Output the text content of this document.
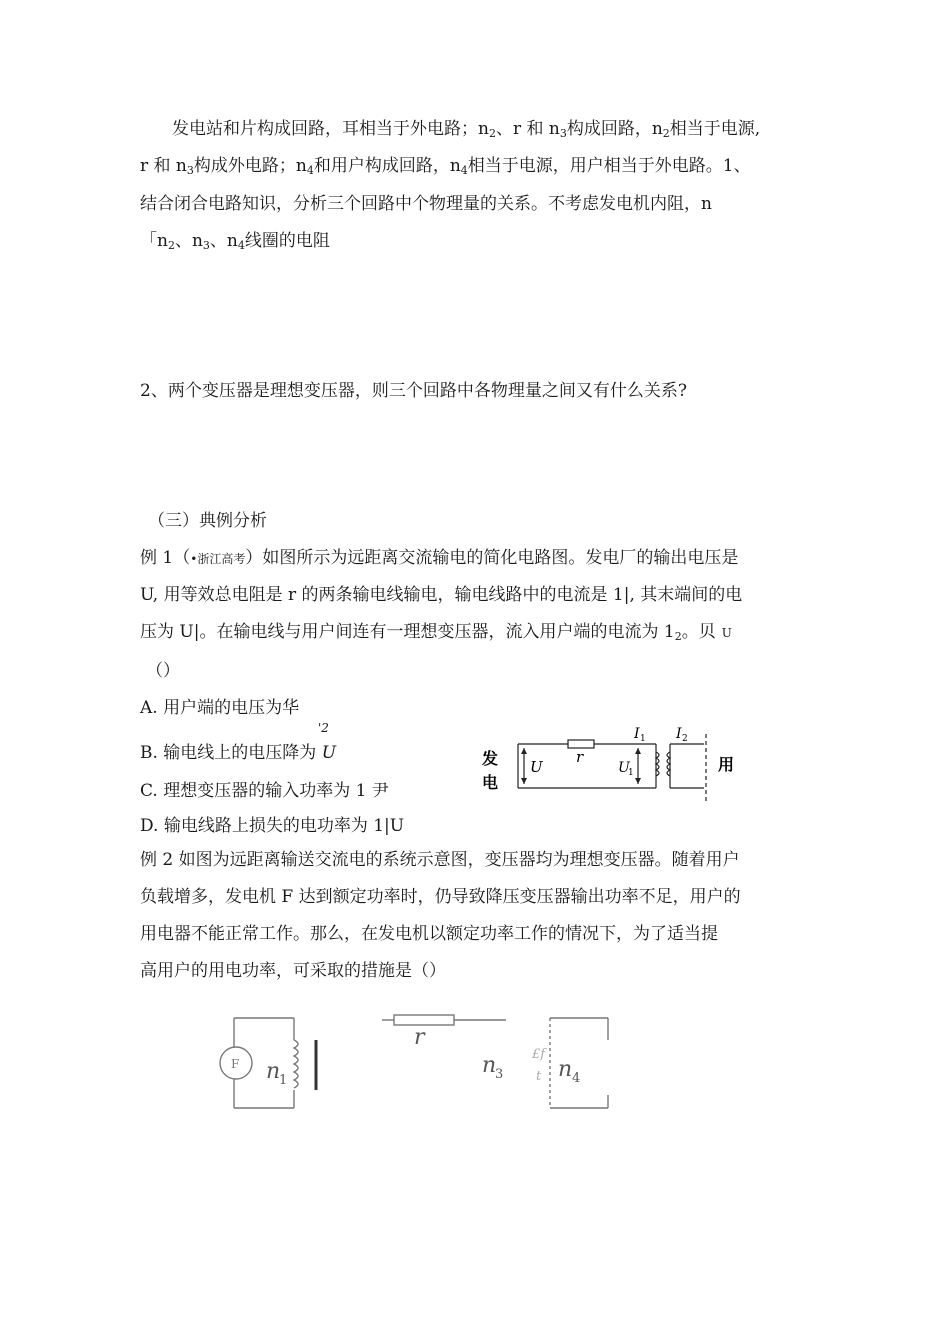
发电站和片构成回路，耳相当于外电路；$n_2$、r 和 $n_3$构成回路，$n_2$相当于电源,
r 和 $n_3$构成外电路；$n_4$和用户构成回路，$n_4$相当于电源，用户相当于外电路。1、
结合闭合电路知识，分析三个回路中个物理量的关系。不考虑发电机内阻，n
「$n_2$、$n_3$、$n_4$线圈的电阻
2、两个变压器是理想变压器，则三个回路中各物理量之间又有什么关系?
（三）典例分析
例 1（•浙江高考）如图所示为远距离交流输电的简化电路图。发电厂的输出电压是
U, 用等效总电阻是 r 的两条输电线输电，输电线路中的电流是 1|, 其末端间的电
压为 U|。在输电线与用户间连有一理想变压器，流入用户端的电流为 $1_2$。贝 U
（）
A. 用户端的电压为华
'2
B. 输电线上的电压降为 U
C. 理想变压器的输入功率为 1 尹
D. 输电线路上损失的电功率为 1|U
发
电
U
r
I 1 I 2
U
1	用
例 2 如图为远距离输送交流电的系统示意图，变压器均为理想变压器。随着用户
负载增多，发电机 F 达到额定功率时，仍导致降压变压器输出功率不足，用户的
用电器不能正常工作。那么，在发电机以额定功率工作的情况下，为了适当提
高用户的用电功率，可采取的措施是（）
F n
1
r
n
3
£f
t n 4
